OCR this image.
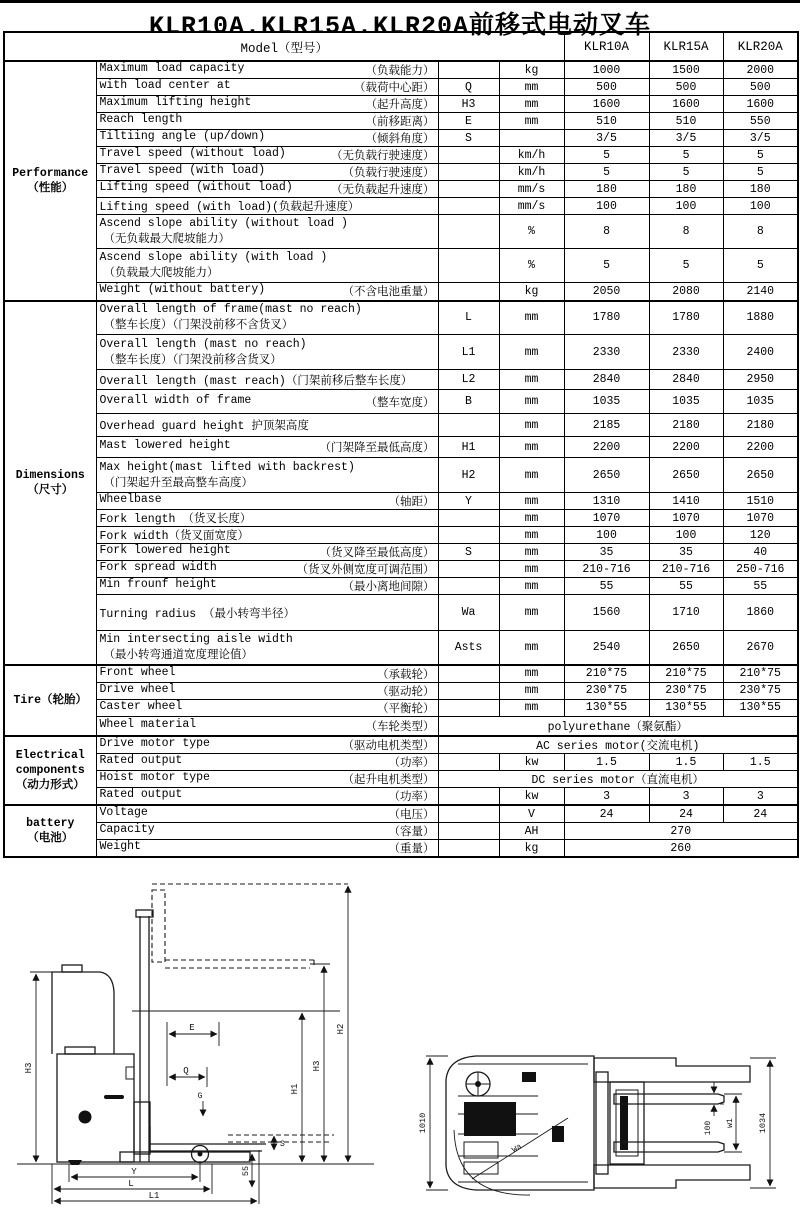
KLR10A.KLR15A.KLR20A前移式电动叉车
Model（型号）				KLR10A	KLR15A	KLR20A

Performance
（性能）

Maximum load capacity	（负载能力）		kg	1000	1500	2000

	with load center at （载荷中心距）	Q	mm	500	500	500

	Maximum lifting height （起升高度）	H3	mm	1600	1600	1600

	Reach length （前移距离）	E	mm	510	510	550

	Tiltiing angle (up/down) （倾斜角度）	S		3/5	3/5	3/5

	Travel speed (without load) （无负载行驶速度）		km/h	5	5	5

	Travel speed (with load) （负载行驶速度）		km/h	5	5	5

	Lifting speed (without load) （无负载起升速度）		mm/s	180	180	180

	Lifting speed (with load)(负载起升速度）		mm/s	100	100	100

	Ascend slope ability (without load )
（无负载最大爬坡能力）		%	8	8	8

	Ascend slope ability (with load )
（负载最大爬坡能力）		%	5	5	5

	Weight (without battery) （不含电池重量）		kg	2050	2080	2140

Dimensions
（尺寸）

Overall length of frame(mast no reach)
（整车长度）（门架没前移不含货叉）
	L	mm	1780	1780	1880

	Overall length (mast no reach)
（整车长度）（门架没前移含货叉）	L1	mm	2330	2330	2400

	Overall length (mast reach)（门架前移后整车长度）	L2	mm	2840	2840	2950

	Overall width of frame （整车宽度）	B	mm	1035	1035	1035

	Overhead guard height 护顶架高度		mm	2185	2180	2180

	Mast lowered height （门架降至最低高度）	H1	mm	2200	2200	2200

	Max height(mast lifted with backrest)
（门架起升至最高整车高度）	H2	mm	2650	2650	2650

	Wheelbase （轴距）	Y	mm	1310	1410	1510

	Fork length （货叉长度）		mm	1070	1070	1070

	Fork width（货叉面宽度）		mm	100	100	120

	Fork lowered height （货叉降至最低高度）	S	mm	35	35	40

	Fork spread width （货叉外侧宽度可调范围）		mm	210-716	210-716	250-716

	Min frounf height （最小离地间隙）		mm	55	55	55

	Turning radius （最小转弯半径）	Wa	mm	1560	1710	1860

	Min intersecting aisle width
（最小转弯通道宽度理论值）	Asts	mm	2540	2650	2670

Tire（轮胎）	Front wheel （承载轮）		mm	210*75	210*75	210*75

	Drive wheel （驱动轮）		mm	230*75	230*75	230*75

	Caster wheel （平衡轮）		mm	130*55	130*55	130*55

	Wheel material （车轮类型）	polyurethane（聚氨酯）				

Electrical
components
（动力形式）

Drive motor type	（驱动电机类型）	AC series motor(交流电机)

	Rated output （功率）		kw	1.5	1.5	1.5

	Hoist motor type （起升电机类型）	DC series motor（直流电机）				

	Rated output （功率）		kw	3	3	3

battery
（电池）

Voltage	（电压）		V	24	24	24

	Capacity （容量）		AH	270		

	Weight （重量）		kg	260		
H3
E
Q
G
H1
H3
H2
Y
L
L1
55
S
1010	1034
100 w1
Wa
